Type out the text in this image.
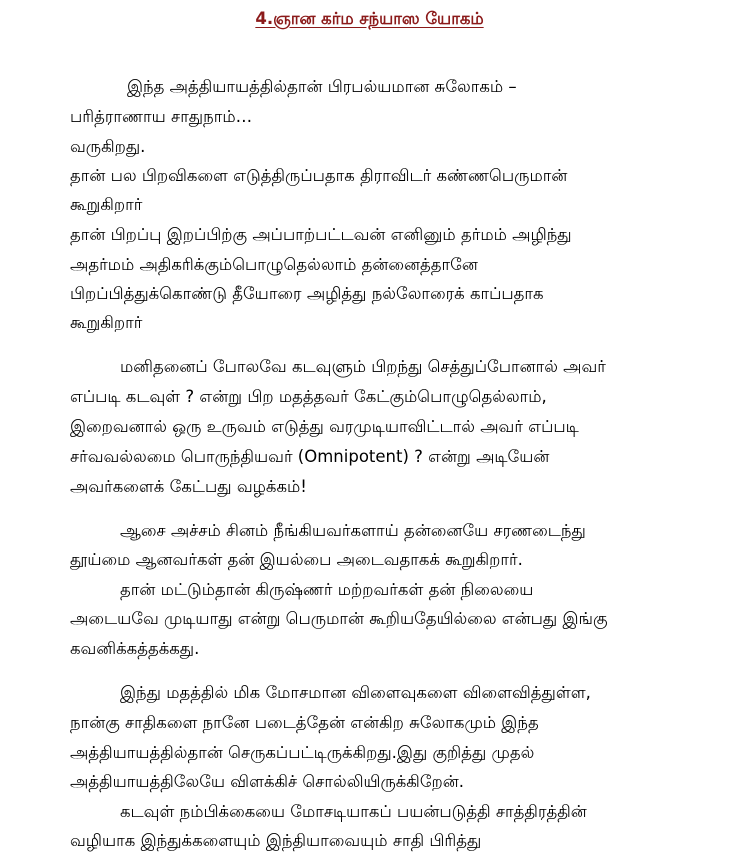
4.ஞான கர்ம சந்யாஸ யோகம்

இந்த அத்தியாயத்தில்தான் பிரபல்யமான சுலோகம் –

பரித்ராணாய சாதுநாம்…

வருகிறது.

தான் பல பிறவிகளை எடுத்திருப்பதாக திராவிடர் கண்ணபெருமான்

கூறுகிறார்

தான் பிறப்பு இறப்பிற்கு அப்பாற்பட்டவன் எனினும் தர்மம் அழிந்து

அதர்மம் அதிகரிக்கும்பொழுதெல்லாம் தன்னைத்தானே

பிறப்பித்துக்கொண்டு தீயோரை அழித்து நல்லோரைக் காப்பதாக

கூறுகிறார்

மனிதனைப் போலவே கடவுளும் பிறந்து செத்துப்போனால் அவர்

எப்படி கடவுள் ? என்று பிற மதத்தவர் கேட்கும்பொழுதெல்லாம்,

இறைவனால் ஒரு உருவம் எடுத்து வரமுடியாவிட்டால் அவர் எப்படி

சர்வவல்லமை பொருந்தியவர் (Omnipotent) ? என்று அடியேன்

அவர்களைக் கேட்பது வழக்கம்!

ஆசை அச்சம் சினம் நீங்கியவர்களாய் தன்னையே சரணடைந்து

தூய்மை ஆனவர்கள் தன் இயல்பை அடைவதாகக் கூறுகிறார்.

தான் மட்டும்தான் கிருஷ்ணர் மற்றவர்கள் தன் நிலையை

அடையவே முடியாது என்று பெருமான் கூறியதேயில்லை என்பது இங்கு

கவனிக்கத்தக்கது.

இந்து மதத்தில் மிக மோசமான விளைவுகளை விளைவித்துள்ள,

நான்கு சாதிகளை நானே படைத்தேன் என்கிற சுலோகமும் இந்த

அத்தியாயத்தில்தான் செருகப்பட்டிருக்கிறது.இது குறித்து முதல்

அத்தியாயத்திலேயே விளக்கிச் சொல்லியிருக்கிறேன்.

கடவுள் நம்பிக்கையை மோசடியாகப் பயன்படுத்தி சாத்திரத்தின்

வழியாக இந்துக்களையும் இந்தியாவையும் சாதி பிரித்து
